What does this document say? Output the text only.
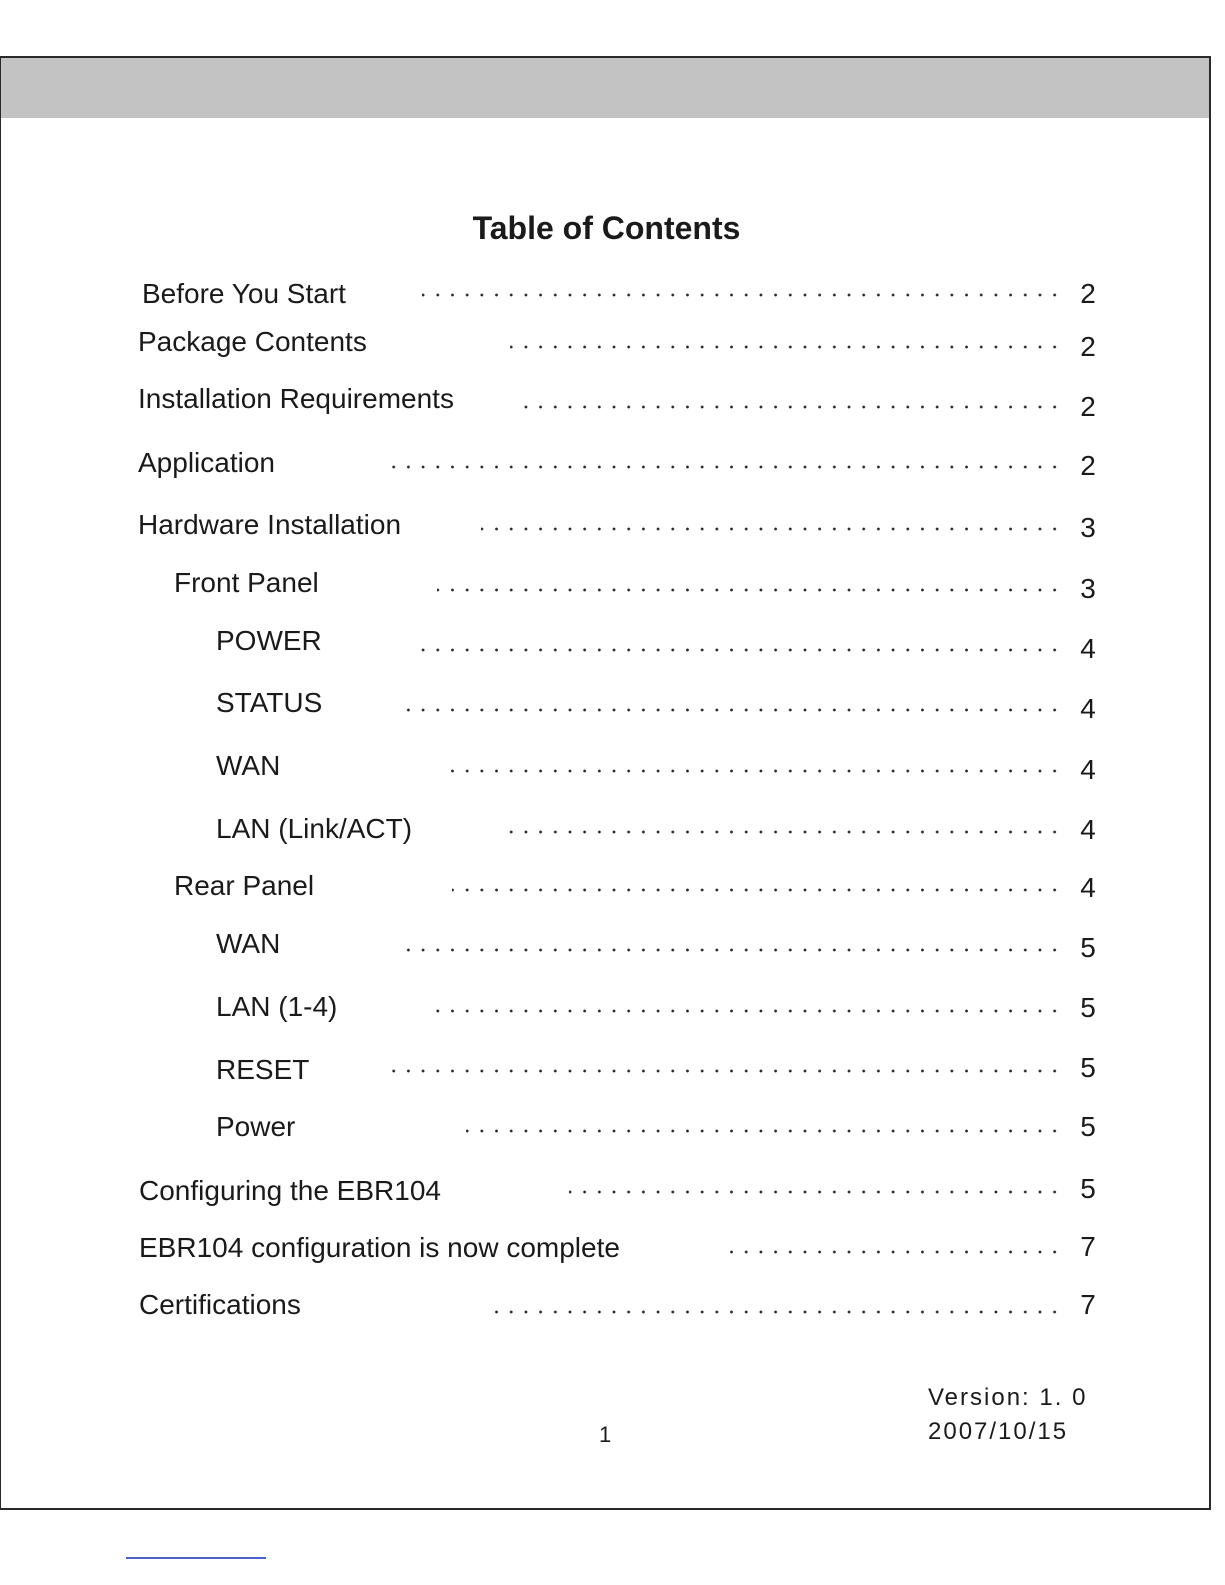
Table of Contents
Before You Start	2
Package Contents	2
Installation Requirements	2
Application	2
Hardware Installation	3
Front Panel	3
POWER	4
STATUS	4
WAN	4
LAN (Link/ACT)	4
Rear Panel	4
WAN	5
LAN (1-4)	5
RESET	5
Power	5
Configuring the EBR104	5
EBR104 configuration is now complete	7
Certifications	7
Version: 1. 0
2007/10/15
1
